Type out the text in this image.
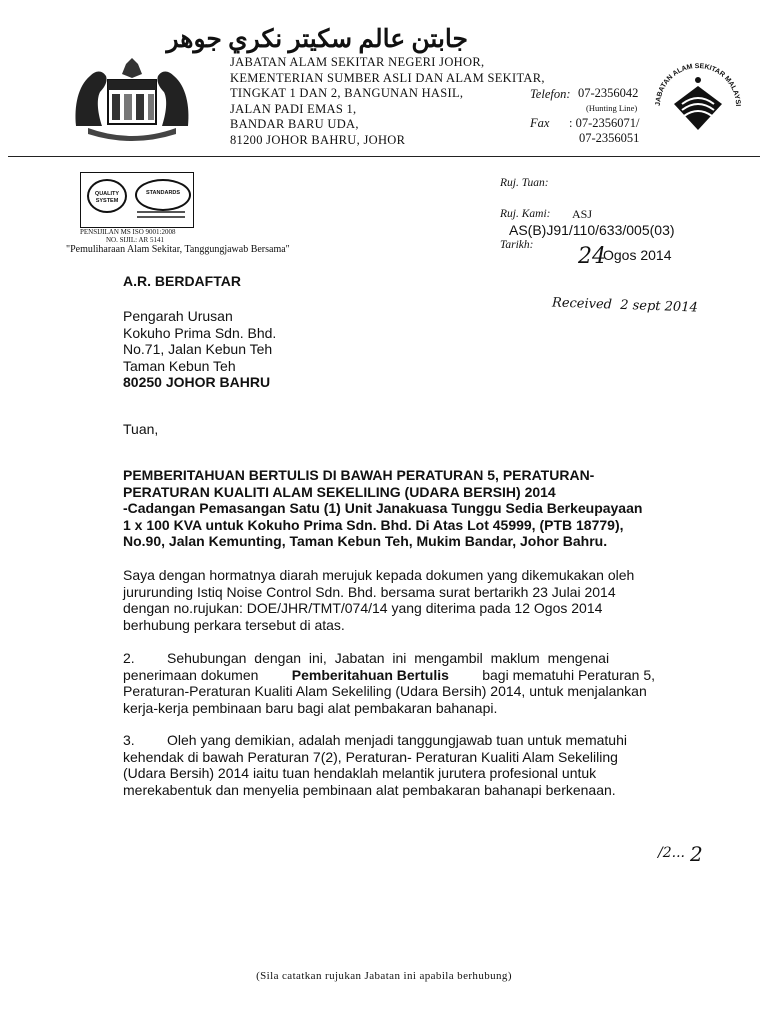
جابتن عالم سکيتر نکري جوهر
JABATAN ALAM SEKITAR NEGERI JOHOR,
KEMENTERIAN SUMBER ASLI DAN ALAM SEKITAR,
TINGKAT 1 DAN 2, BANGUNAN HASIL,
JALAN PADI EMAS 1,
BANDAR BARU UDA,
81200 JOHOR BAHRU, JOHOR
Telefon: 07-2356042
(Hunting Line)
Fax : 07-2356071/
07-2356051
JABATAN ALAM SEKITAR MALAYSI
QUALITY SYSTEM
STANDARDS
PENSIJILAN MS ISO 9001:2008
NO. SIJIL: AR 5141
"Pemuliharaan Alam Sekitar, Tanggungjawab Bersama"
Ruj. Tuan:
Ruj. Kami: ASJ
AS(B)J91/110/633/005(03)
Tarikh: 24
Ogos 2014
A.R. BERDAFTAR
Received  2 sept 2014
Pengarah Urusan
Kokuho Prima Sdn. Bhd.
No.71, Jalan Kebun Teh
Taman Kebun Teh
80250 JOHOR BAHRU
Tuan,
PEMBERITAHUAN BERTULIS DI BAWAH PERATURAN 5, PERATURAN-
PERATURAN KUALITI ALAM SEKELILING (UDARA BERSIH) 2014
-Cadangan Pemasangan Satu (1) Unit Janakuasa Tunggu Sedia Berkeupayaan
1 x 100 KVA untuk Kokuho Prima Sdn. Bhd. Di Atas Lot 45999, (PTB 18779),
No.90, Jalan Kemunting, Taman Kebun Teh, Mukim Bandar, Johor Bahru.
Saya dengan hormatnya diarah merujuk kepada dokumen yang dikemukakan oleh
jururunding Istiq Noise Control Sdn. Bhd. bersama surat bertarikh 23 Julai 2014
dengan no.rujukan: DOE/JHR/TMT/074/14 yang diterima pada 12 Ogos 2014
berhubung perkara tersebut di atas.
2.	Sehubungan dengan ini, Jabatan ini mengambil maklum mengenai
penerimaan dokumen Pemberitahuan Bertulis bagi mematuhi Peraturan 5,
Peraturan-Peraturan Kualiti Alam Sekeliling (Udara Bersih) 2014, untuk menjalankan
kerja-kerja pembinaan baru bagi alat pembakaran bahanapi.
3.	Oleh yang demikian, adalah menjadi tanggungjawab tuan untuk mematuhi
kehendak di bawah Peraturan 7(2), Peraturan- Peraturan Kualiti Alam Sekeliling
(Udara Bersih) 2014 iaitu tuan hendaklah melantik jurutera profesional untuk
merekabentuk dan menyelia pembinaan alat pembakaran bahanapi berkenaan.
/2... 2
(Sila catatkan rujukan Jabatan ini apabila berhubung)
